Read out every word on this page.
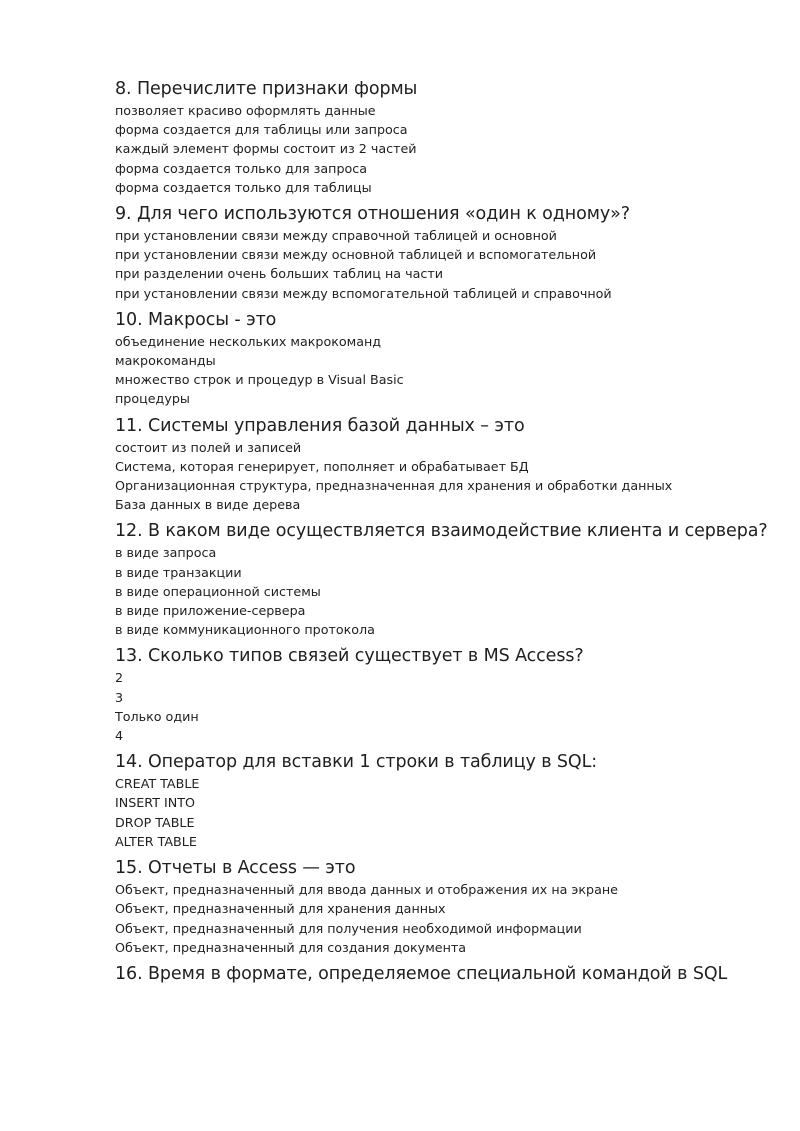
8. Перечислите признаки формы
позволяет красиво оформлять данные
форма создается для таблицы или запроса
каждый элемент формы состоит из 2 частей
форма создается только для запроса
форма создается только для таблицы
9. Для чего используются отношения «один к одному»?
при установлении связи между справочной таблицей и основной
при установлении связи между основной таблицей и вспомогательной
при разделении очень больших таблиц на части
при установлении связи между вспомогательной таблицей и справочной
10. Макросы - это
объединение нескольких макрокоманд
макрокоманды
множество строк и процедур в Visual Basic
процедуры
11. Системы управления базой данных – это
состоит из полей и записей
Система, которая генерирует, пополняет и обрабатывает БД
Организационная структура, предназначенная для хранения и обработки данных
База данных в виде дерева
12. В каком виде осуществляется взаимодействие клиента и сервера?
в виде запроса
в виде транзакции
в виде операционной системы
в виде приложение-сервера
в виде коммуникационного протокола
13. Сколько типов связей существует в MS Access?
2
3
Только один
4
14. Оператор для вставки 1 строки в таблицу в SQL:
CREAT TABLE
INSERT INTO
DROP TABLE
ALTER TABLE
15. Отчеты в Access — это
Объект, предназначенный для ввода данных и отображения их на экране
Объект, предназначенный для хранения данных
Объект, предназначенный для получения необходимой информации
Объект, предназначенный для создания документа
16. Время в формате, определяемое специальной командой в SQL
